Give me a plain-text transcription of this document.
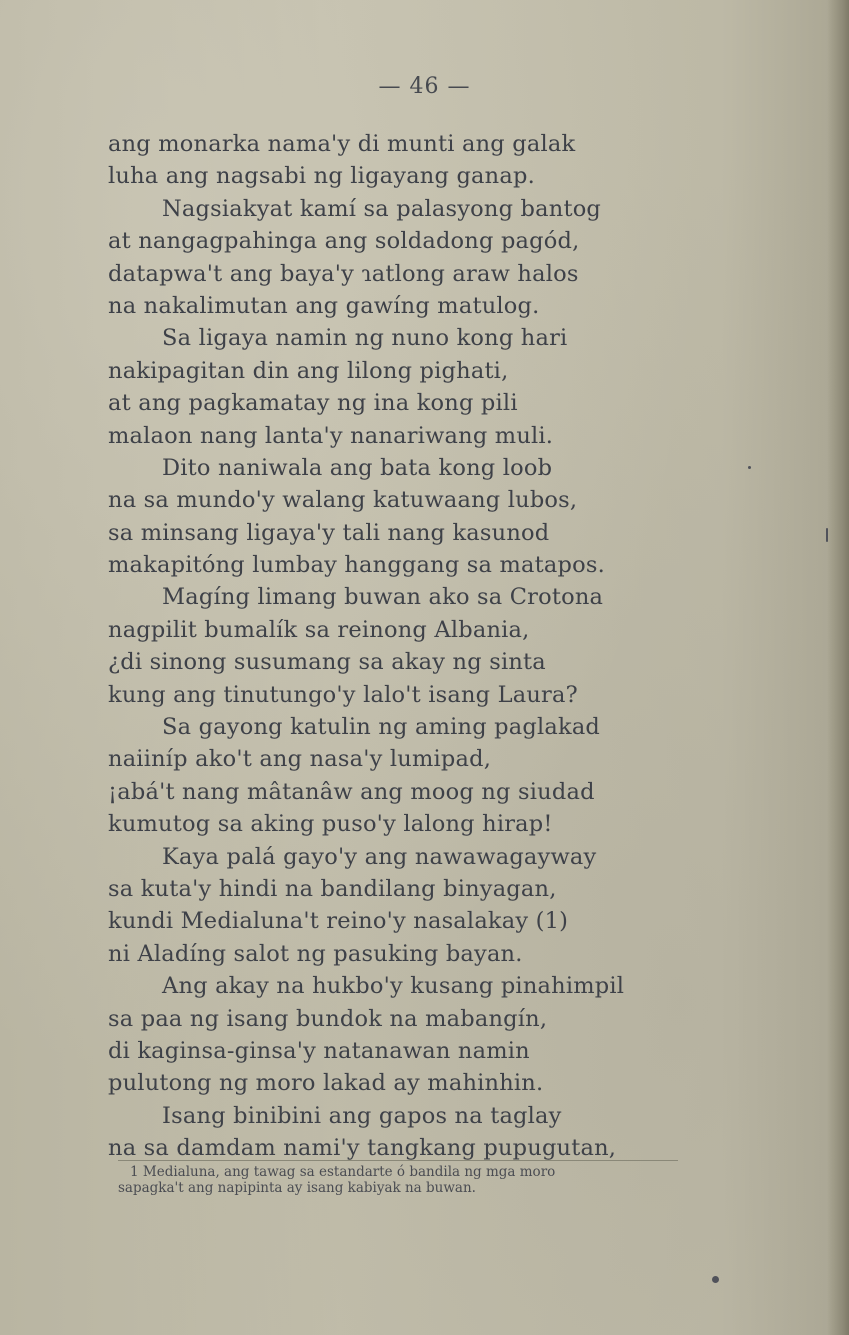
— 46 —
ang monarka nama'y di munti ang galak
luha ang nagsabi ng ligayang ganap.
Nagsiakyat kamí sa palasyong bantog
at nangagpahinga ang soldadong pagód,
datapwa't ang baya'y ɿatlong araw halos
na nakalimutan ang gawíng matulog.
Sa ligaya namin ng nuno kong hari
nakipagitan din ang lilong pighati,
at ang pagkamatay ng ina kong pili
malaon nang lanta'y nanariwang muli.
Dito naniwala ang bata kong loob
na sa mundo'y walang katuwaang lubos,
sa minsang ligaya'y tali nang kasunod
makapitóng lumbay hanggang sa matapos.
Magíng limang buwan ako sa Crotona
nagpilit bumalík sa reinong Albania,
¿di sinong susumang sa akay ng sinta
kung ang tinutungo'y lalo't isang Laura?
Sa gayong katulin ng aming paglakad
naiiníp ako't ang nasa'y lumipad,
¡abá't nang mâtanâw ang moog ng siudad
kumutog sa aking puso'y lalong hirap!
Kaya palá gayo'y ang nawawagayway
sa kuta'y hindi na bandilang binyagan,
kundi Medialuna't reino'y nasalakay (1)
ni Aladíng salot ng pasuking bayan.
Ang akay na hukbo'y kusang pinahimpil
sa paa ng isang bundok na mabangín,
di kaginsa-ginsa'y natanawan namin
pulutong ng moro lakad ay mahinhin.
Isang binibini ang gapos na taglay
na sa damdam nami'y tangkang pupugutan,
1 Medialuna, ang tawag sa estandarte ó bandila ng mga moro
sapagka't ang napipinta ay isang kabiyak na buwan.
